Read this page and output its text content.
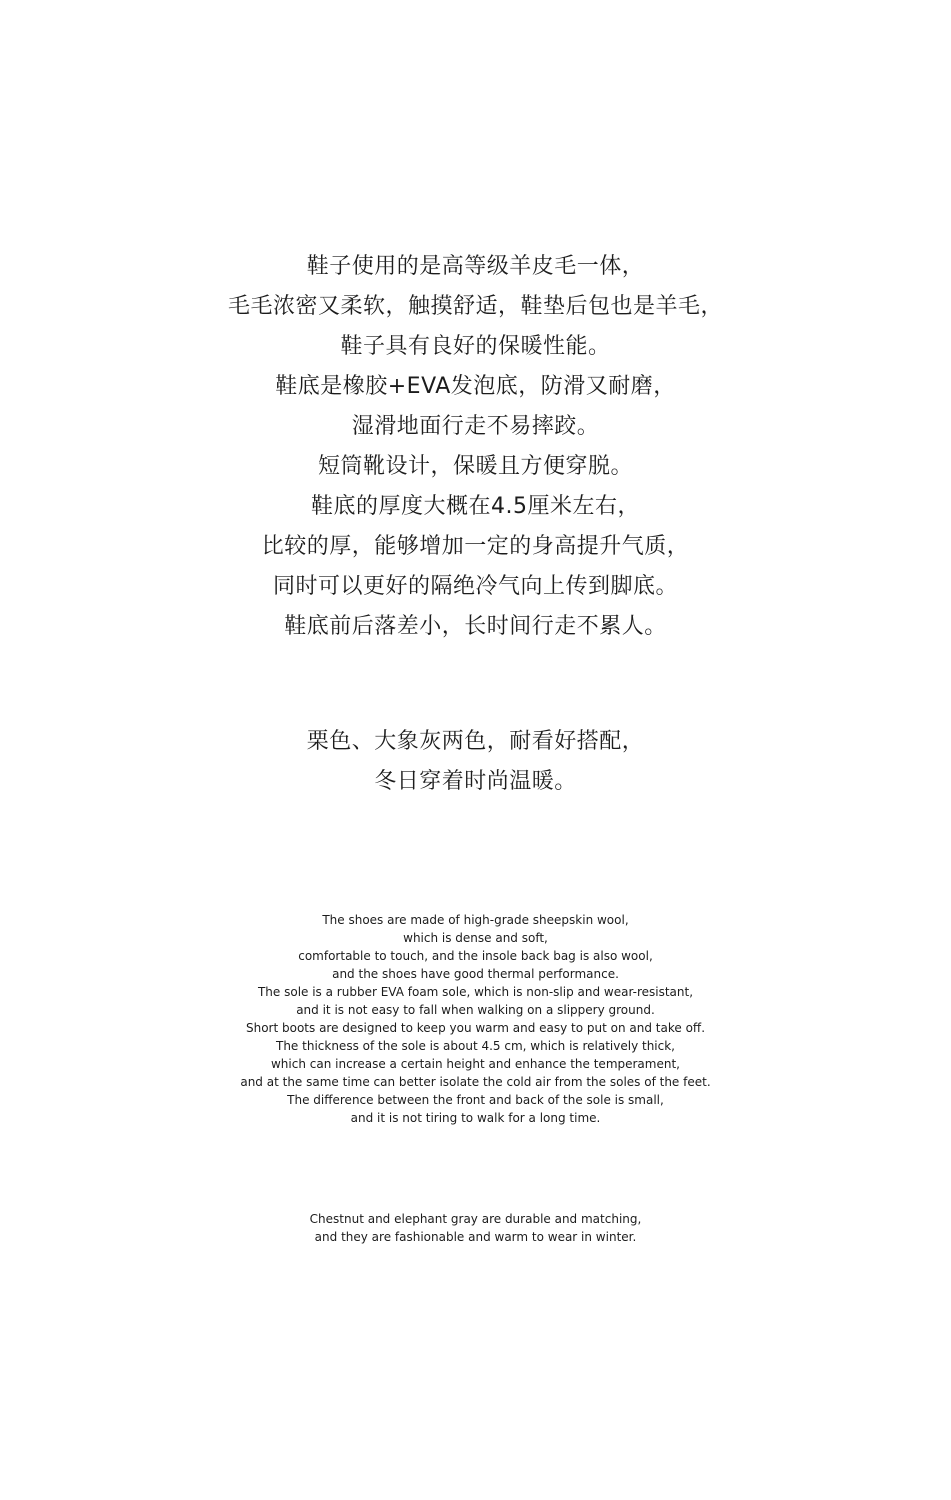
鞋子使用的是高等级羊皮毛一体，

毛毛浓密又柔软，触摸舒适，鞋垫后包也是羊毛，

鞋子具有良好的保暖性能。

鞋底是橡胶+EVA发泡底，防滑又耐磨，

湿滑地面行走不易摔跤。

短筒靴设计，保暖且方便穿脱。

鞋底的厚度大概在4.5厘米左右，

比较的厚，能够增加一定的身高提升气质，

同时可以更好的隔绝冷气向上传到脚底。

鞋底前后落差小，长时间行走不累人。

栗色、大象灰两色，耐看好搭配，

冬日穿着时尚温暖。

The shoes are made of high-grade sheepskin wool,

which is dense and soft,

comfortable to touch, and the insole back bag is also wool,

and the shoes have good thermal performance.

The sole is a rubber EVA foam sole, which is non-slip and wear-resistant,

and it is not easy to fall when walking on a slippery ground.

Short boots are designed to keep you warm and easy to put on and take off.

The thickness of the sole is about 4.5 cm, which is relatively thick,

which can increase a certain height and enhance the temperament,

and at the same time can better isolate the cold air from the soles of the feet.

The difference between the front and back of the sole is small,

and it is not tiring to walk for a long time.

Chestnut and elephant gray are durable and matching,

and they are fashionable and warm to wear in winter.
